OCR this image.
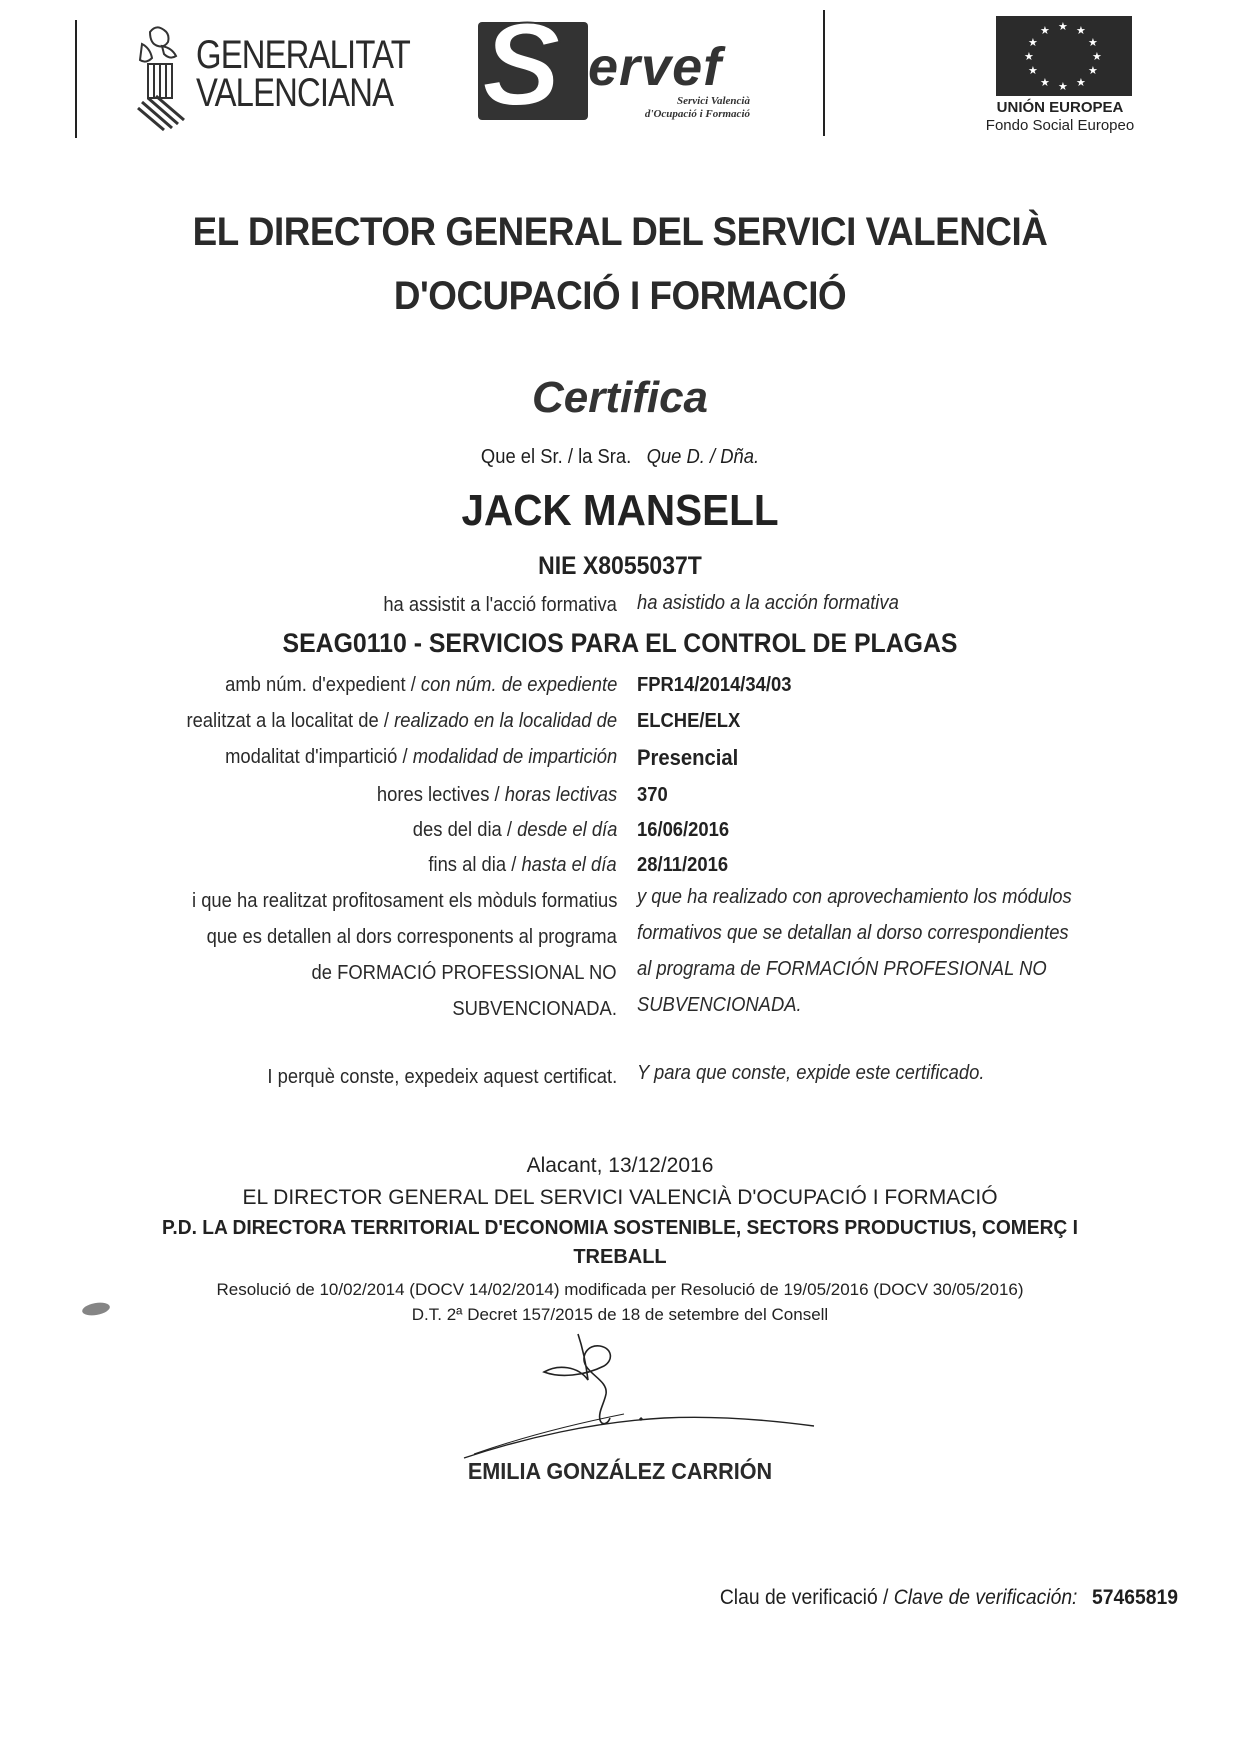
GENERALITAT
VALENCIANA S ervef
Servici Valencià
d'Ocupació i Formació
★ ★
★
★
★
★
★
★
★
★
★
★
UNIÓN EUROPEA
Fondo Social Europeo
EL DIRECTOR GENERAL DEL SERVICI VALENCIÀ
D'OCUPACIÓ I FORMACIÓ
Certifica
Que el Sr. / la Sra. Que D. / Dña.
JACK MANSELL
NIE X8055037T
ha assistit a l'acció formativa ha asistido a la acción formativa
SEAG0110 - SERVICIOS PARA EL CONTROL DE PLAGAS
amb núm. d'expedient / con núm. de expediente FPR14/2014/34/03
realitzat a la localitat de / realizado en la localidad de ELCHE/ELX
modalitat d'impartició / modalidad de impartición Presencial
hores lectives / horas lectivas 370
des del dia / desde el día 16/06/2016
fins al dia / hasta el día 28/11/2016
i que ha realitzat profitosament els mòduls formatius
que es detallen al dors corresponents al programa
de FORMACIÓ PROFESSIONAL NO
SUBVENCIONADA.
y que ha realizado con aprovechamiento los módulos
formativos que se detallan al dorso correspondientes
al programa de FORMACIÓN PROFESIONAL NO
SUBVENCIONADA.
I perquè conste, expedeix aquest certificat. Y para que conste, expide este certificado.
Alacant, 13/12/2016
EL DIRECTOR GENERAL DEL SERVICI VALENCIÀ D'OCUPACIÓ I FORMACIÓ
P.D. LA DIRECTORA TERRITORIAL D'ECONOMIA SOSTENIBLE, SECTORS PRODUCTIUS, COMERÇ I
TREBALL
Resolució de 10/02/2014 (DOCV 14/02/2014) modificada per Resolució de 19/05/2016 (DOCV 30/05/2016)
D.T. 2ª Decret 157/2015 de 18 de setembre del Consell
EMILIA GONZÁLEZ CARRIÓN
Clau de verificació / Clave de verificación: 57465819
